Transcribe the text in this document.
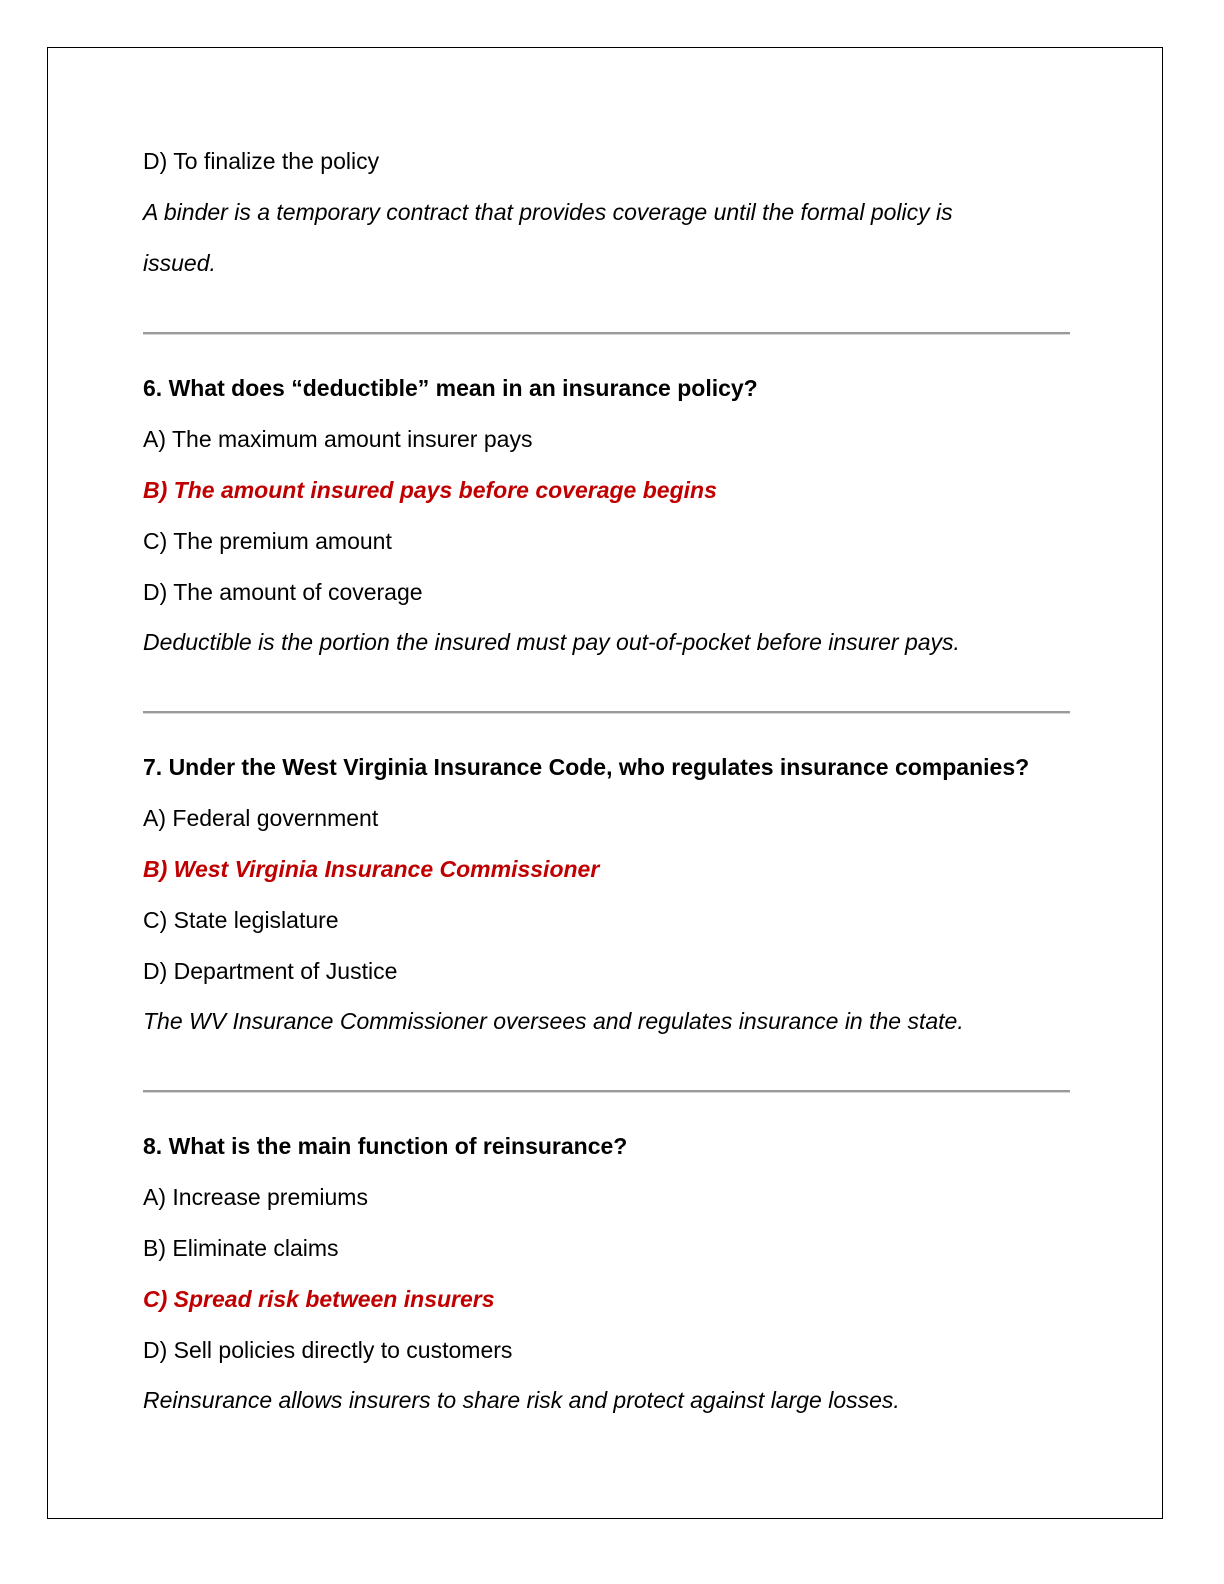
D) To finalize the policy
A binder is a temporary contract that provides coverage until the formal policy is
issued.
6. What does “deductible” mean in an insurance policy?
A) The maximum amount insurer pays
B) The amount insured pays before coverage begins
C) The premium amount
D) The amount of coverage
Deductible is the portion the insured must pay out-of-pocket before insurer pays.
7. Under the West Virginia Insurance Code, who regulates insurance companies?
A) Federal government
B) West Virginia Insurance Commissioner
C) State legislature
D) Department of Justice
The WV Insurance Commissioner oversees and regulates insurance in the state.
8. What is the main function of reinsurance?
A) Increase premiums
B) Eliminate claims
C) Spread risk between insurers
D) Sell policies directly to customers
Reinsurance allows insurers to share risk and protect against large losses.
